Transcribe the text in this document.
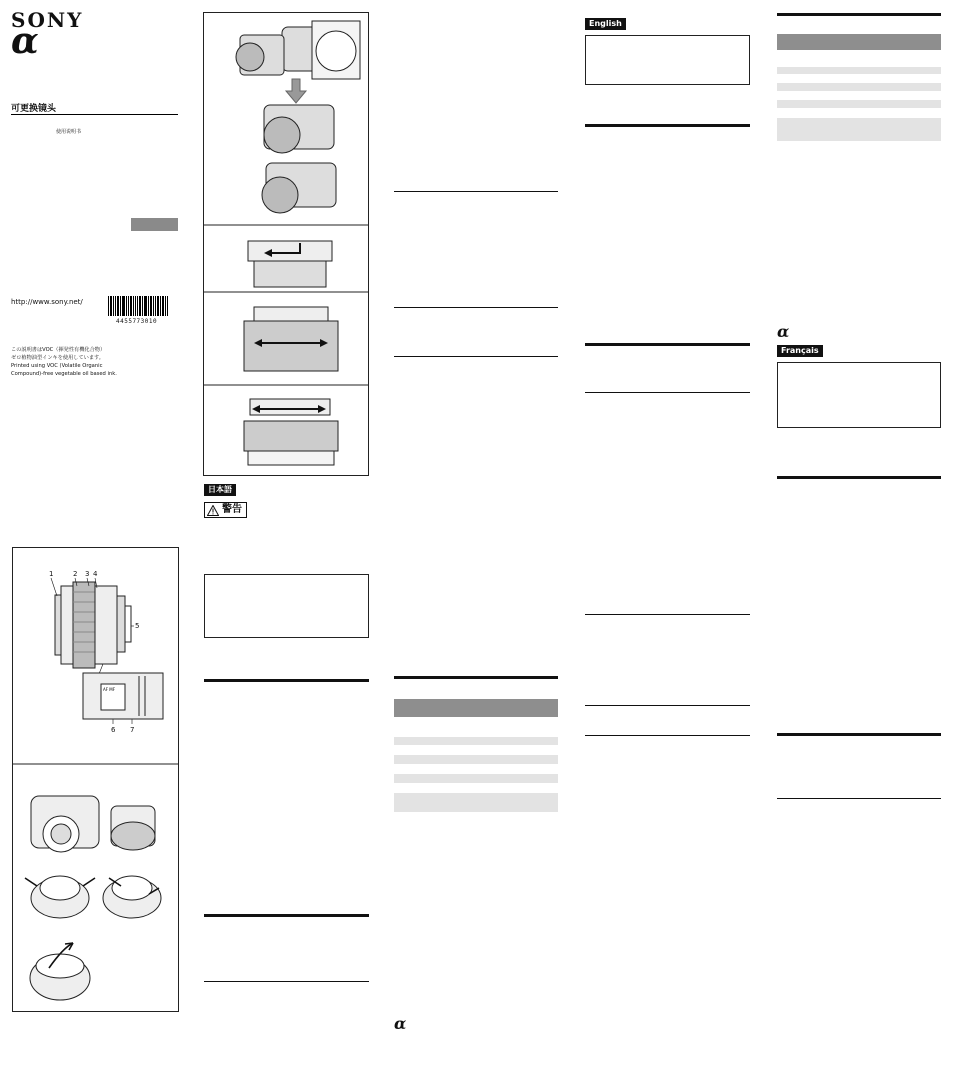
SONY
α
可更换镜头
使用说明书
http://www.sony.net/
4455773010
この説明書はVOC（揮発性有機化合物）
ゼロ植物油型インキを使用しています。
Printed using VOC (Volatile Organic
Compound)-free vegetable oil based ink.
1	2 3 4
5
6 7
AF MF
日本語
警告
α
English
α
Français
